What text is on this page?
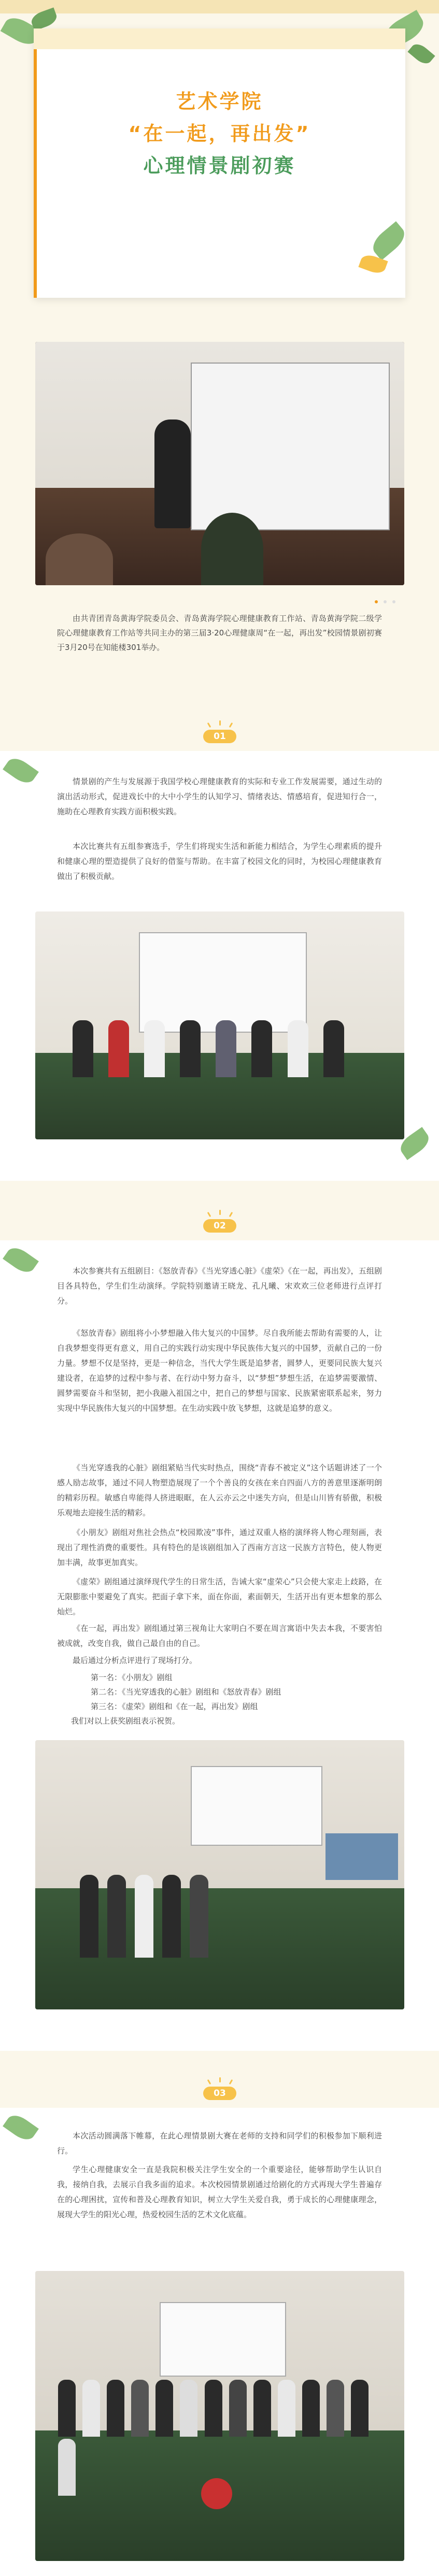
艺术学院
“在一起，再出发”
心理情景剧初赛

由共青团青岛黄海学院委员会、青岛黄海学院心理健康教育工作站、青岛黄海学院二级学院心理健康教育工作站等共同主办的第三届3·20心理健康周“在一起，再出发”校园情景剧初赛于3月20号在知能楼301举办。
01

情景剧的产生与发展源于我国学校心理健康教育的实际和专业工作发展需要，通过生动的演出活动形式，促进戏长中的大中小学生的认知学习、情绪表达、情感培育，促进知行合一，施助在心理教育实践方面积极实践。

本次比赛共有五组参赛选手，学生们将现实生活和新能力相结合，为学生心理素质的提升和健康心理的塑造提供了良好的借鉴与帮助。在丰富了校园文化的同时，为校园心理健康教育做出了积极贡献。

02

本次参赛共有五组剧目：《怒放青春》《当光穿透心脏》《虚荣》《在一起，再出发》，五组剧目各具特色，学生们生动演绎。学院特别邀请王晓龙、孔凡曦、宋欢欢三位老师进行点评打分。

《怒放青春》剧组将小小梦想融入伟大复兴的中国梦。尽自我所能去帮助有需要的人，让自我梦想变得更有意义，用自己的实践行动实现中华民族伟大复兴的中国梦，贡献自己的一份力量。梦想不仅是坚持，更是一种信念，当代大学生既是追梦者，圆梦人，更要同民族大复兴建设者，在追梦的过程中参与者、在行动中努力奋斗，以“梦想”梦想生活，在追梦需要激情、圆梦需要奋斗和坚韧，把小我融入祖国之中，把自己的梦想与国家、民族紧密联系起来，努力实现中华民族伟大复兴的中国梦想。在生动实践中放飞梦想，这就是追梦的意义。

《当光穿透我的心脏》剧组紧贴当代实时热点，围绕“青春不被定义”这个话题讲述了一个感人励志故事，通过不同人物塑造展现了一个个善良的女孩在来自四面八方的善意里逐渐明朗的精彩历程。敏感自卑能得人挤进眼眶，在人云亦云之中迷失方向，但是山川皆有骄傲，积极乐观地去迎接生活的精彩。

《小朋友》剧组对焦社会热点“校园欺凌”事件，通过双重人格的演绎将人物心理刻画，表现出了理性消费的重要性。具有特色的是该剧组加入了西南方言这一民族方言特色，使人物更加丰满，故事更加真实。

《虚荣》剧组通过演绎现代学生的日常生活，告诫大家“虚荣心”只会使大家走上歧路，在无限膨胀中要避免了真实。把面子拿下来，面在你面，素面朝天，生活开出有更本想象的那么灿烂。

《在一起，再出发》剧组通过第三视角让大家明白不要在周言寓语中失去本我，不要害怕被成就，改变自我，做自己最自由的自己。

最后通过分析点评进行了现场打分。

第一名：《小朋友》剧组
第二名：《当光穿透我的心脏》剧组和《怒放青春》剧组
第三名：《虚荣》剧组和《在一起，再出发》剧组
我们对以上获奖剧组表示祝贺。

03

本次活动圆满落下帷幕，在此心理情景剧大赛在老师的支持和同学们的积极参加下顺利进行。

学生心理健康安全一直是我院积极关注学生安全的一个重要途径，能够帮助学生认识自我，接纳自我，去展示自我多面的追求。本次校园情景剧通过给剧化的方式再现大学生普遍存在的心理困扰，宣传和普及心理教育知识，树立大学生关爱自我，勇于成长的心理健康理念，展现大学生的阳光心理，热爱校园生活的艺术文化底蕴。
